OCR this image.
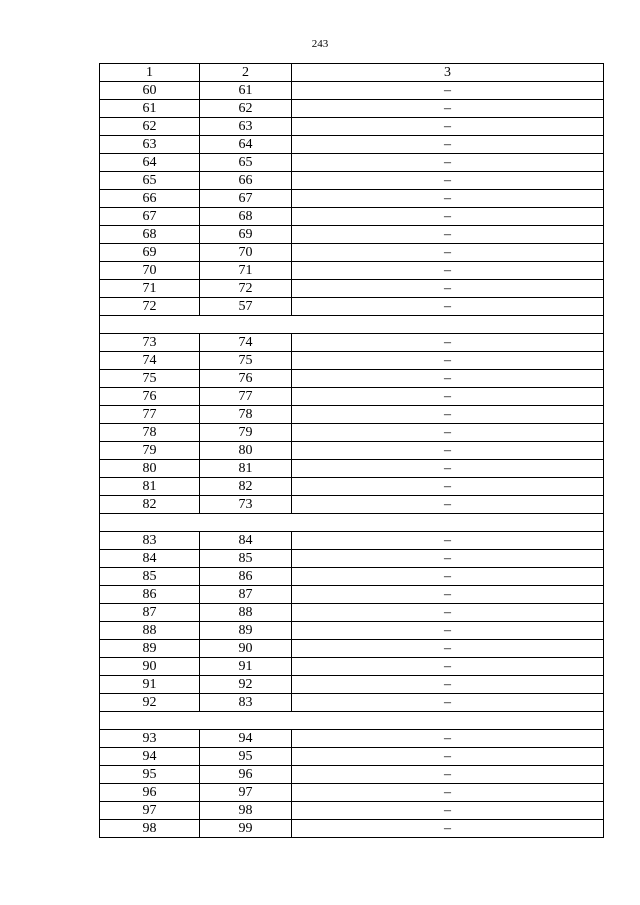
243
1	2	3
60	61	–
61	62	–
62	63	–
63	64	–
64	65	–
65	66	–
66	67	–
67	68	–
68	69	–
69	70	–
70	71	–
71	72	–
72	57	–

73	74	–
74	75	–
75	76	–
76	77	–
77	78	–
78	79	–
79	80	–
80	81	–
81	82	–
82	73	–

83	84	–
84	85	–
85	86	–
86	87	–
87	88	–
88	89	–
89	90	–
90	91	–
91	92	–
92	83	–

93	94	–
94	95	–
95	96	–
96	97	–
97	98	–
98	99	–
